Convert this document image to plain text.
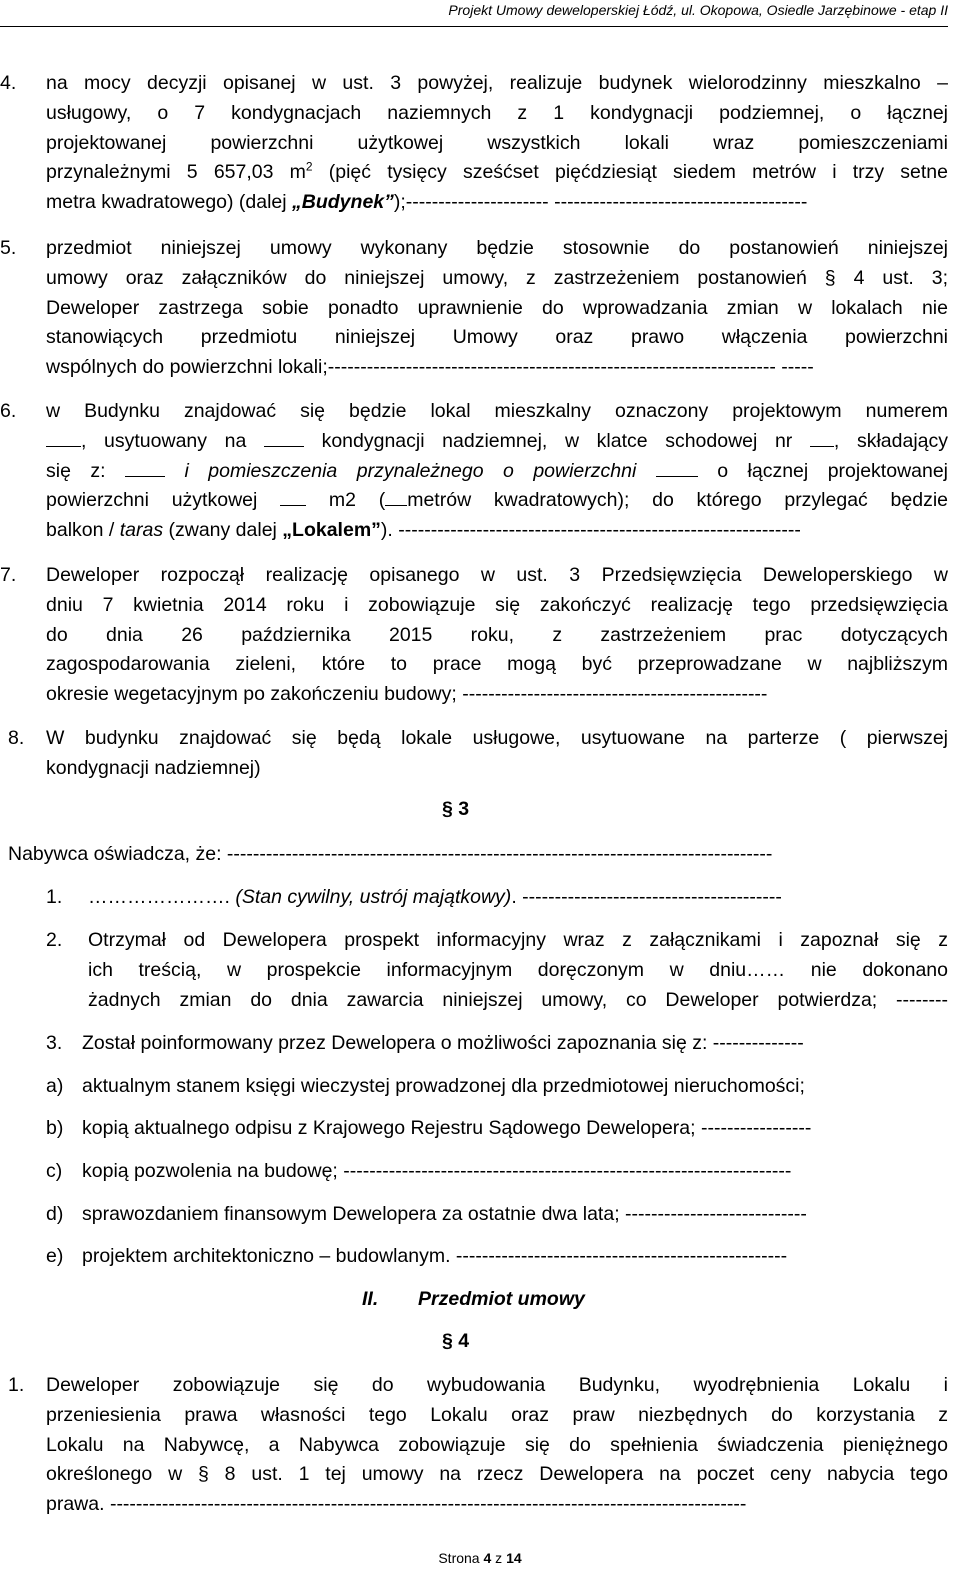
Projekt Umowy deweloperskiej Łódź, ul. Okopowa, Osiedle Jarzębinowe - etap II
4. na mocy decyzji opisanej w ust. 3 powyżej, realizuje budynek wielorodzinny mieszkalno –
usługowy, o 7 kondygnacjach naziemnych z 1 kondygnacji podziemnej, o łącznej
projektowanej powierzchni użytkowej wszystkich lokali wraz pomieszczeniami
przynależnymi 5 657,03 $m^2$ (pięć tysięcy sześćset pięćdziesiąt siedem metrów i trzy setne
metra kwadratowego) (dalej „Budynek”);---------------------- ---------------------------------------
5. przedmiot niniejszej umowy wykonany będzie stosownie do postanowień niniejszej
umowy oraz załączników do niniejszej umowy, z zastrzeżeniem postanowień § 4 ust. 3;
Deweloper zastrzega sobie ponadto uprawnienie do wprowadzania zmian w lokalach nie
stanowiących przedmiotu niniejszej Umowy oraz prawo włączenia powierzchni
wspólnych do powierzchni lokali;--------------------------------------------------------------------- -----
6. w Budynku znajdować się będzie lokal mieszkalny oznaczony projektowym numerem
, usytuowany na	kondygnacji nadziemnej, w klatce schodowej nr , składający
się z:	i pomieszczenia przynależnego o powierzchni	o łącznej projektowanej
powierzchni użytkowej	m2 ( metrów kwadratowych); do którego przylegać będzie
balkon / taras (zwany dalej „Lokalem”). --------------------------------------------------------------
7. Deweloper rozpoczął realizację opisanego w ust. 3 Przedsięwzięcia Deweloperskiego w
dniu 7 kwietnia 2014 roku i zobowiązuje się zakończyć realizację tego przedsięwzięcia
do dnia 26 października 2015 roku, z zastrzeżeniem prac dotyczących
zagospodarowania zieleni, które to prace mogą być przeprowadzane w najbliższym
okresie wegetacyjnym po zakończeniu budowy; -----------------------------------------------
8. W budynku znajdować się będą lokale usługowe, usytuowane na parterze ( pierwszej
kondygnacji nadziemnej)
§ 3
Nabywca oświadcza, że: ------------------------------------------------------------------------------------
1. …………………. (Stan cywilny, ustrój majątkowy). ----------------------------------------
2. Otrzymał od Dewelopera prospekt informacyjny wraz z załącznikami i zapoznał się z
ich treścią, w prospekcie informacyjnym doręczonym w dniu…… nie dokonano
żadnych zmian do dnia zawarcia niniejszej umowy, co Deweloper potwierdza; --------
3. Został poinformowany przez Dewelopera o możliwości zapoznania się z: --------------
a) aktualnym stanem księgi wieczystej prowadzonej dla przedmiotowej nieruchomości;
b) kopią aktualnego odpisu z Krajowego Rejestru Sądowego Dewelopera; -----------------
c) kopią pozwolenia na budowę; ---------------------------------------------------------------------
d) sprawozdaniem finansowym Dewelopera za ostatnie dwa lata; ----------------------------
e) projektem architektoniczno – budowlanym. ---------------------------------------------------
II. Przedmiot umowy
§ 4
1. Deweloper zobowiązuje się do wybudowania Budynku, wyodrębnienia Lokalu i
przeniesienia prawa własności tego Lokalu oraz praw niezbędnych do korzystania z
Lokalu na Nabywcę, a Nabywca zobowiązuje się do spełnienia świadczenia pieniężnego
określonego w § 8 ust. 1 tej umowy na rzecz Dewelopera na poczet ceny nabycia tego
prawa. --------------------------------------------------------------------------------------------------
Strona 4 z 14
